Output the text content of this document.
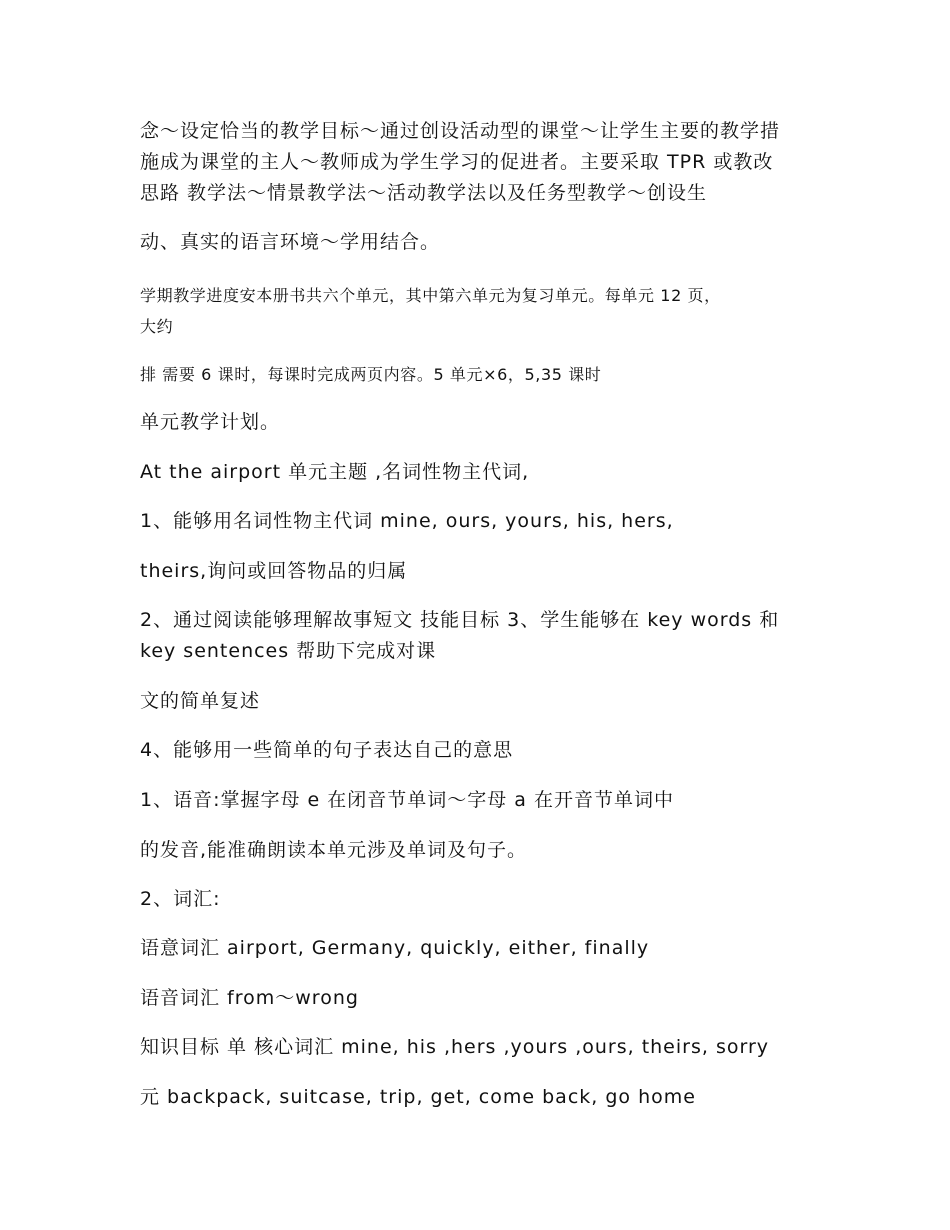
念～设定恰当的教学目标～通过创设活动型的课堂～让学生主要的教学措
施成为课堂的主人～教师成为学生学习的促进者。主要采取 TPR 或教改
思路 教学法～情景教学法～活动教学法以及任务型教学～创设生
动、真实的语言环境～学用结合。
学期教学进度安本册书共六个单元，其中第六单元为复习单元。每单元 12 页，
大约
排 需要 6 课时，每课时完成两页内容。5 单元×6，5,35 课时
单元教学计划。
At the airport 单元主题 ,名词性物主代词,
1、能够用名词性物主代词 mine, ours, yours, his, hers,
theirs,询问或回答物品的归属
2、通过阅读能够理解故事短文 技能目标 3、学生能够在 key words 和
key sentences 帮助下完成对课
文的简单复述
4、能够用一些简单的句子表达自己的意思
1、语音:掌握字母 e 在闭音节单词～字母 a 在开音节单词中
的发音,能准确朗读本单元涉及单词及句子。
2、词汇:
语意词汇 airport, Germany, quickly, either, finally
语音词汇 from～wrong
知识目标 单 核心词汇 mine, his ,hers ,yours ,ours, theirs, sorry
元 backpack, suitcase, trip, get, come back, go home
